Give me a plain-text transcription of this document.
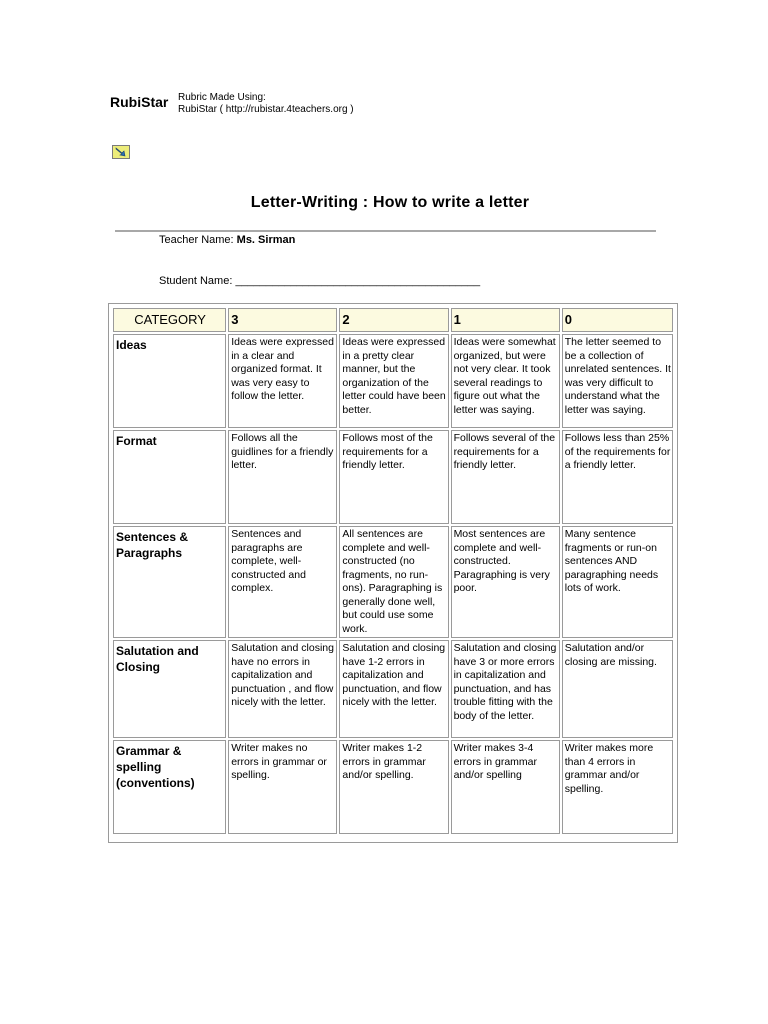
RubiStar Rubric Made Using:
RubiStar ( http://rubistar.4teachers.org )
Letter-Writing : How to write a letter
Teacher Name: Ms. Sirman
Student Name: ________________________________________
CATEGORY	3	2	1	0
Ideas	Ideas were expressed in a clear and organized format. It was very easy to follow the letter.	Ideas were expressed in a pretty clear manner, but the organization of the letter could have been better.	Ideas were somewhat organized, but were not very clear. It took several readings to figure out what the letter was saying.	The letter seemed to be a collection of unrelated sentences. It was very difficult to understand what the letter was saying.
Format	Follows all the guidlines for a friendly letter.	Follows most of the requirements for a friendly letter.	Follows several of the requirements for a friendly letter.	Follows less than 25% of the requirements for a friendly letter.
Sentences & Paragraphs	Sentences and paragraphs are complete, well-constructed and complex.	All sentences are complete and well-constructed (no fragments, no run-ons). Paragraphing is generally done well, but could use some work.	Most sentences are complete and well-constructed. Paragraphing is very poor.	Many sentence fragments or run-on sentences AND paragraphing needs lots of work.
Salutation and Closing	Salutation and closing have no errors in capitalization and punctuation , and flow nicely with the letter.	Salutation and closing have 1-2 errors in capitalization and punctuation, and flow nicely with the letter.	Salutation and closing have 3 or more errors in capitalization and punctuation, and has trouble fitting with the body of the letter.	Salutation and/or closing are missing.
Grammar & spelling (conventions)	Writer makes no errors in grammar or spelling.	Writer makes 1-2 errors in grammar and/or spelling.	Writer makes 3-4 errors in grammar and/or spelling	Writer makes more than 4 errors in grammar and/or spelling.
